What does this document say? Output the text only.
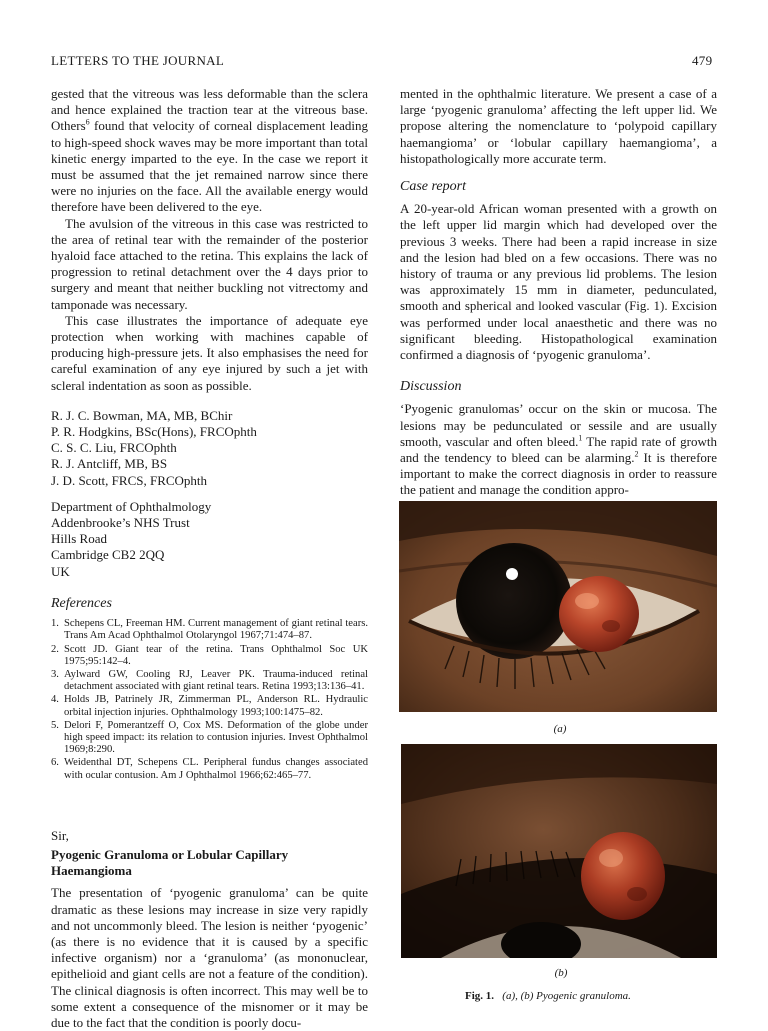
LETTERS TO THE JOURNAL	479

gested that the vitreous was less deformable than the sclera and hence explained the traction tear at the vitreous base. Others$^6$ found that velocity of corneal displacement leading to high-speed shock waves may be more important than total kinetic energy imparted to the eye. In the case we report it must be assumed that the jet remained narrow since there were no injuries on the face. All the available energy would therefore have been delivered to the eye.

The avulsion of the vitreous in this case was restricted to the area of retinal tear with the remainder of the posterior hyaloid face attached to the retina. This explains the lack of progression to retinal detachment over the 4 days prior to surgery and meant that neither buckling not vitrectomy and tamponade was necessary.

This case illustrates the importance of adequate eye protection when working with machines capable of producing high-pressure jets. It also emphasises the need for careful examination of any eye injured by such a jet with scleral indentation as soon as possible.

R. J. C. Bowman, MA, MB, BChir
P. R. Hodgkins, BSc(Hons), FRCOphth
C. S. C. Liu, FRCOphth
R. J. Antcliff, MB, BS
J. D. Scott, FRCS, FRCOphth
Department of Ophthalmology
Addenbrooke’s NHS Trust
Hills Road
Cambridge CB2 2QQ
UK
References
1. Schepens CL, Freeman HM. Current management of giant retinal tears. Trans Am Acad Ophthalmol Otolaryngol 1967;71:474–87.
2. Scott JD. Giant tear of the retina. Trans Ophthalmol Soc UK 1975;95:142–4.
3. Aylward GW, Cooling RJ, Leaver PK. Trauma-induced retinal detachment associated with giant retinal tears. Retina 1993;13:136–41.
4. Holds JB, Patrinely JR, Zimmerman PL, Anderson RL. Hydraulic orbital injection injuries. Ophthalmology 1993;100:1475–82.
5. Delori F, Pomerantzeff O, Cox MS. Deformation of the globe under high speed impact: its relation to contusion injuries. Invest Ophthalmol 1969;8:290.
6. Weidenthal DT, Schepens CL. Peripheral fundus changes associated with ocular contusion. Am J Ophthalmol 1966;62:465–77.
Sir,
Pyogenic Granuloma or Lobular Capillary Haemangioma

The presentation of ‘pyogenic granuloma’ can be quite dramatic as these lesions may increase in size very rapidly and not uncommonly bleed. The lesion is neither ‘pyogenic’ (as there is no evidence that it is caused by a specific infective organism) nor a ‘granuloma’ (as mononuclear, epithelioid and giant cells are not a feature of the condition). The clinical diagnosis is often incorrect. This may well be to some extent a consequence of the misnomer or it may be due to the fact that the condition is poorly docu-

mented in the ophthalmic literature. We present a case of a large ‘pyogenic granuloma’ affecting the left upper lid. We propose altering the nomenclature to ‘polypoid capillary haemangioma’ or ‘lobular capillary haemangioma’, a histopathologically more accurate term.

Case report

A 20-year-old African woman presented with a growth on the left upper lid margin which had developed over the previous 3 weeks. There had been a rapid increase in size and the lesion had bled on a few occasions. There was no history of trauma or any previous lid problems. The lesion was approximately 15 mm in diameter, pedunculated, smooth and spherical and looked vascular (Fig. 1). Excision was performed under local anaesthetic and there was no significant bleeding. Histopathological examination confirmed a diagnosis of ‘pyogenic granuloma’.

Discussion

‘Pyogenic granulomas’ occur on the skin or mucosa. The lesions may be pedunculated or sessile and are usually smooth, vascular and often bleed.$^1$ The rapid rate of growth and the tendency to bleed can be alarming.$^2$ It is therefore important to make the correct diagnosis in order to reassure the patient and manage the condition appro-

(a)
(b)
Fig. 1. (a), (b) Pyogenic granuloma.
